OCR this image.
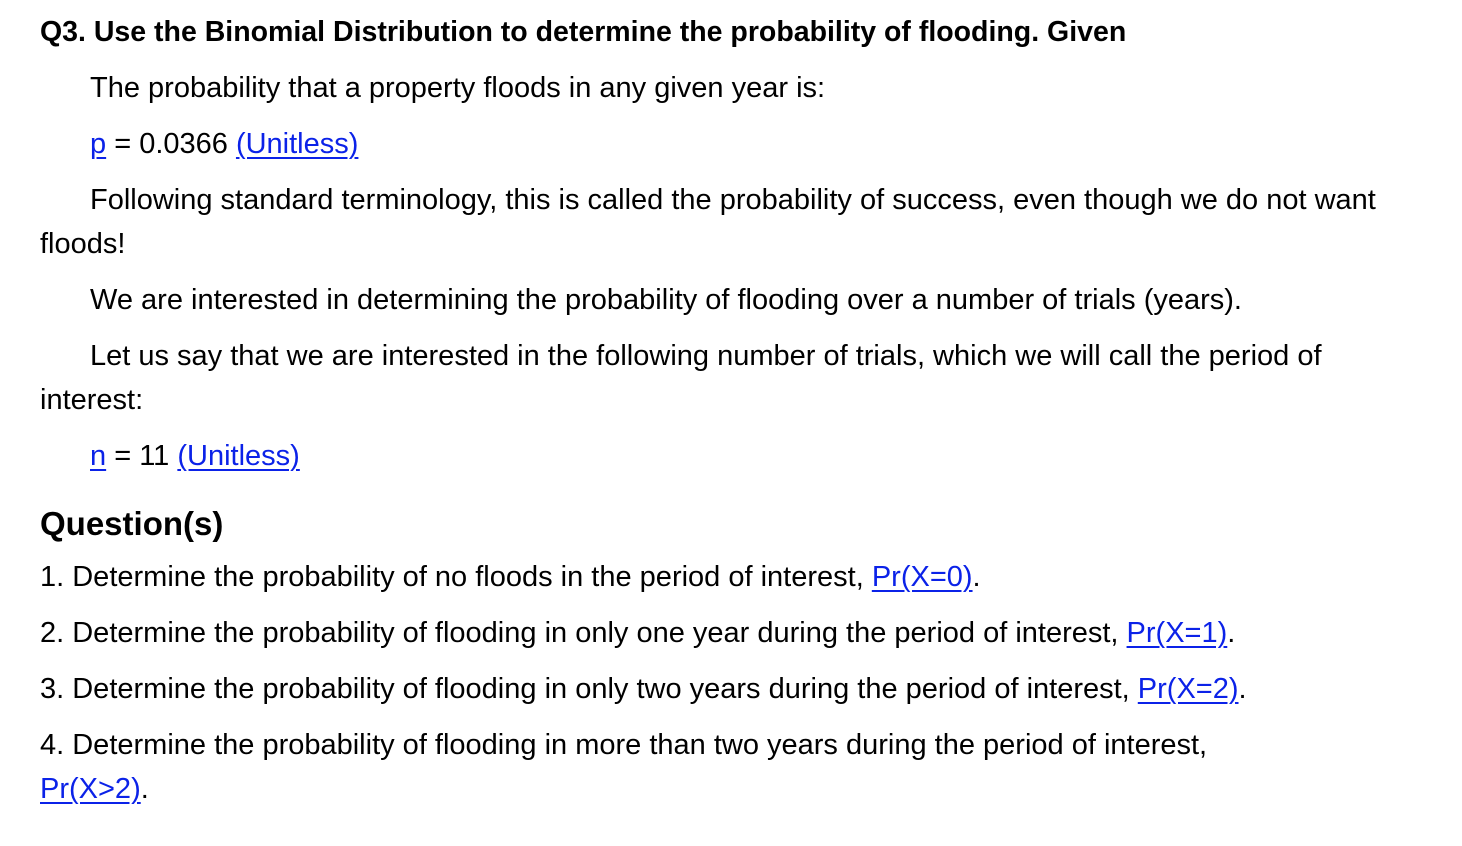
Q3. Use the Binomial Distribution to determine the probability of flooding. Given

The probability that a property floods in any given year is:

p = 0.0366 (Unitless)

Following standard terminology, this is called the probability of success, even though we do not want floods!

We are interested in determining the probability of flooding over a number of trials (years).

Let us say that we are interested in the following number of trials, which we will call the period of interest:

n = 11 (Unitless)

Question(s)

1. Determine the probability of no floods in the period of interest, Pr(X=0).

2. Determine the probability of flooding in only one year during the period of interest, Pr(X=1).

3. Determine the probability of flooding in only two years during the period of interest, Pr(X=2).

4. Determine the probability of flooding in more than two years during the period of interest, Pr(X>2).
